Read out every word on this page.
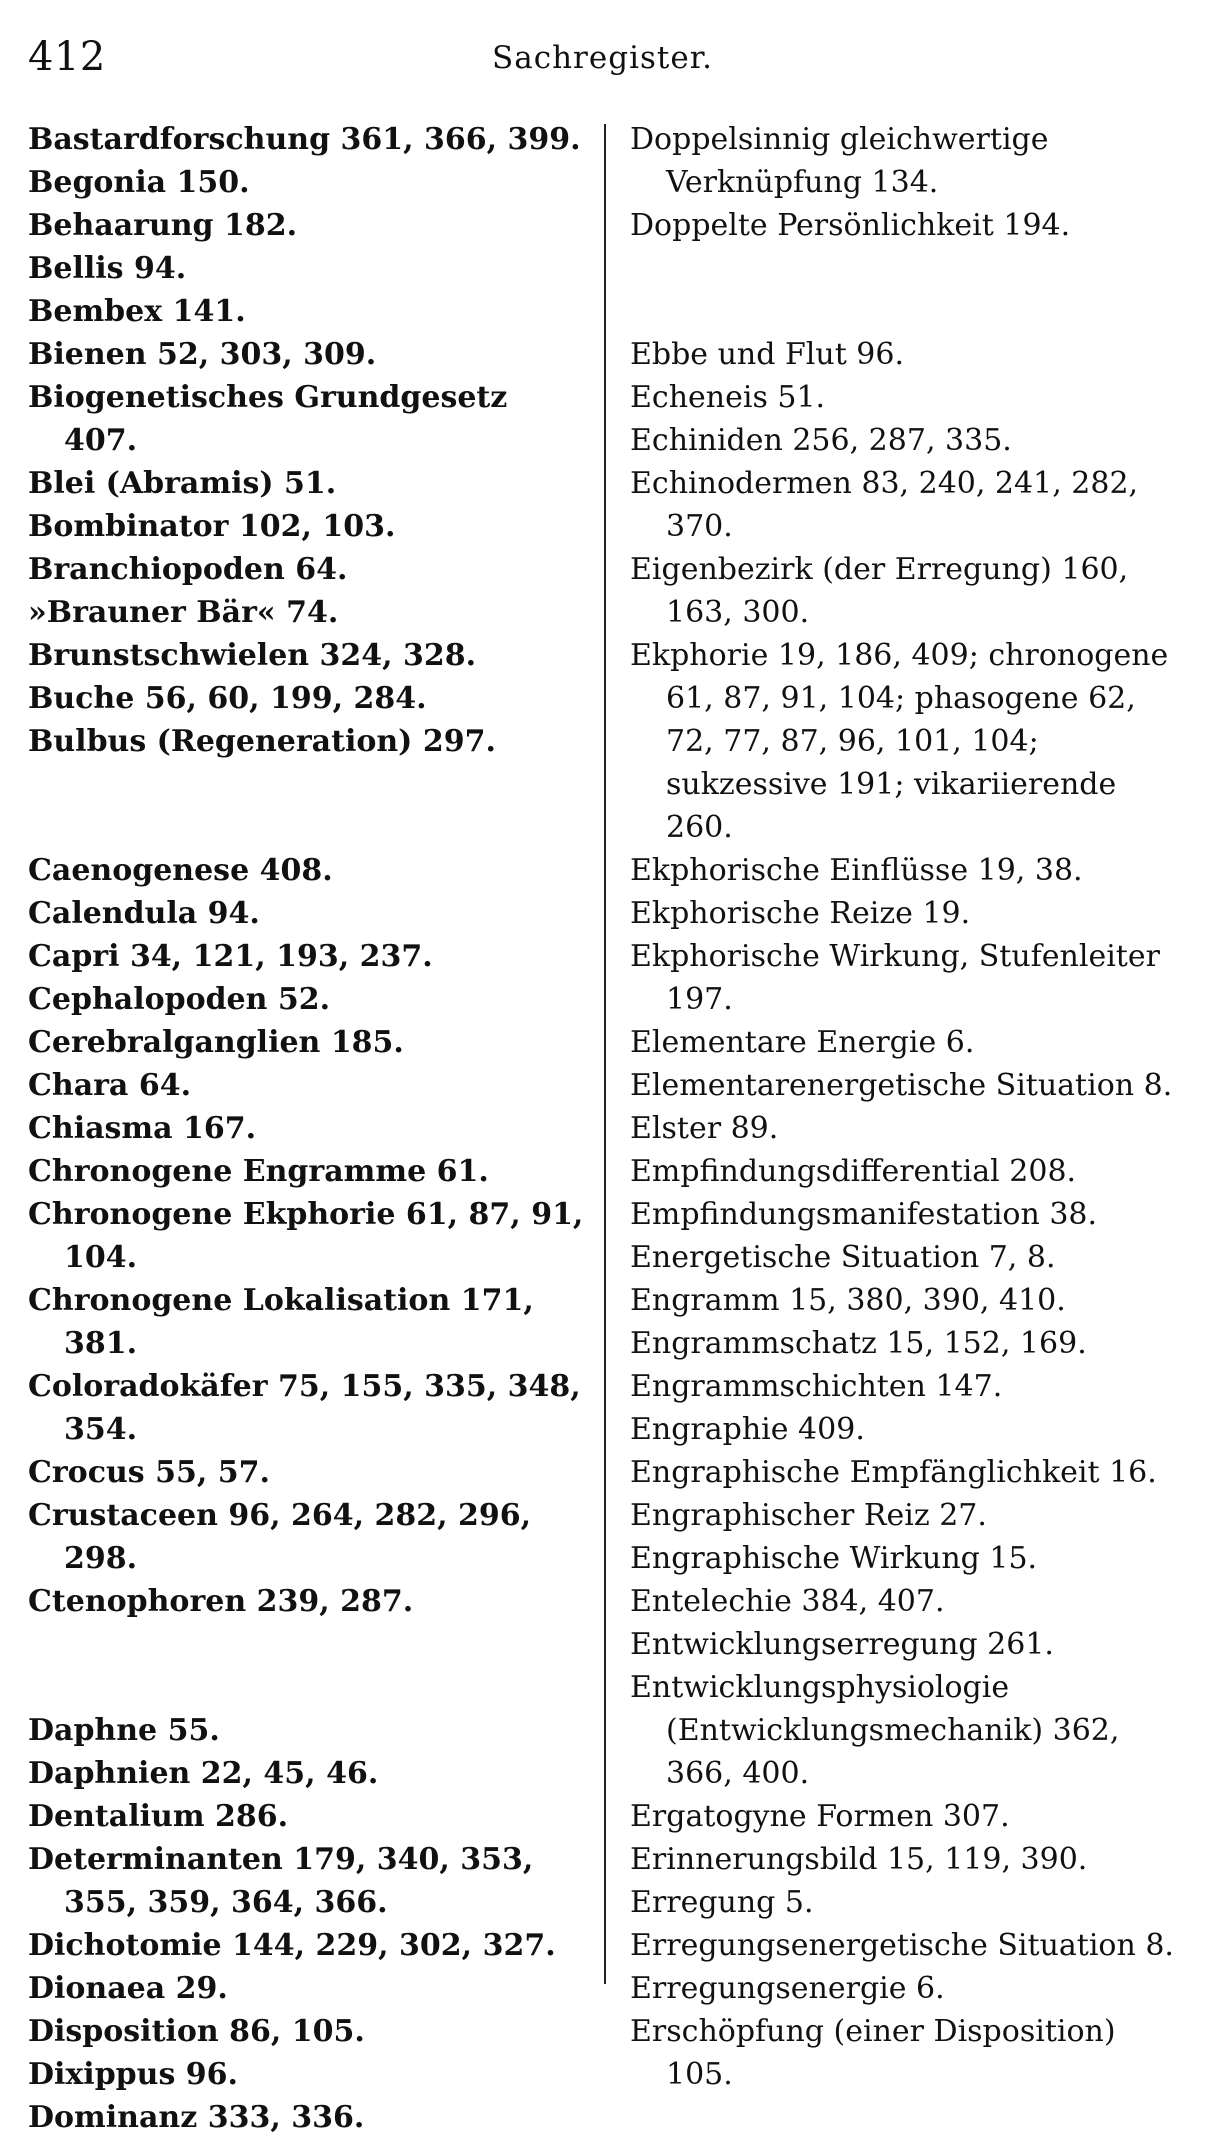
412	Sachregister.
Bastardforschung 361, 366, 399.
Begonia 150.
Behaarung 182.
Bellis 94.
Bembex 141.
Bienen 52, 303, 309.
Biogenetisches Grundgesetz 407.
Blei (Abramis) 51.
Bombinator 102, 103.
Branchiopoden 64.
»Brauner Bär« 74.
Brunstschwielen 324, 328.
Buche 56, 60, 199, 284.
Bulbus (Regeneration) 297.
Caenogenese 408.
Calendula 94.
Capri 34, 121, 193, 237.
Cephalopoden 52.
Cerebralganglien 185.
Chara 64.
Chiasma 167.
Chronogene Engramme 61.
Chronogene Ekphorie 61, 87, 91, 104.
Chronogene Lokalisation 171, 381.
Coloradokäfer 75, 155, 335, 348, 354.
Crocus 55, 57.
Crustaceen 96, 264, 282, 296, 298.
Ctenophoren 239, 287.
Daphne 55.
Daphnien 22, 45, 46.
Dentalium 286.
Determinanten 179, 340, 353, 355, 359, 364, 366.
Dichotomie 144, 229, 302, 327.
Dionaea 29.
Disposition 86, 105.
Dixippus 96.
Dominanz 333, 336.
Doppelsinnig gleichwertige Verknüpfung 134.
Doppelte Persönlichkeit 194.
Ebbe und Flut 96.
Echeneis 51.
Echiniden 256, 287, 335.
Echinodermen 83, 240, 241, 282, 370.
Eigenbezirk (der Erregung) 160, 163, 300.
Ekphorie 19, 186, 409; chronogene 61, 87, 91, 104; phasogene 62, 72, 77, 87, 96, 101, 104; sukzessive 191; vikariierende 260.
Ekphorische Einflüsse 19, 38.
Ekphorische Reize 19.
Ekphorische Wirkung, Stufenleiter 197.
Elementare Energie 6.
Elementarenergetische Situation 8.
Elster 89.
Empfindungsdifferential 208.
Empfindungsmanifestation 38.
Energetische Situation 7, 8.
Engramm 15, 380, 390, 410.
Engrammschatz 15, 152, 169.
Engrammschichten 147.
Engraphie 409.
Engraphische Empfänglichkeit 16.
Engraphischer Reiz 27.
Engraphische Wirkung 15.
Entelechie 384, 407.
Entwicklungserregung 261.
Entwicklungsphysiologie (Entwicklungsmechanik) 362, 366, 400.
Ergatogyne Formen 307.
Erinnerungsbild 15, 119, 390.
Erregung 5.
Erregungsenergetische Situation 8.
Erregungsenergie 6.
Erschöpfung (einer Disposition) 105.
